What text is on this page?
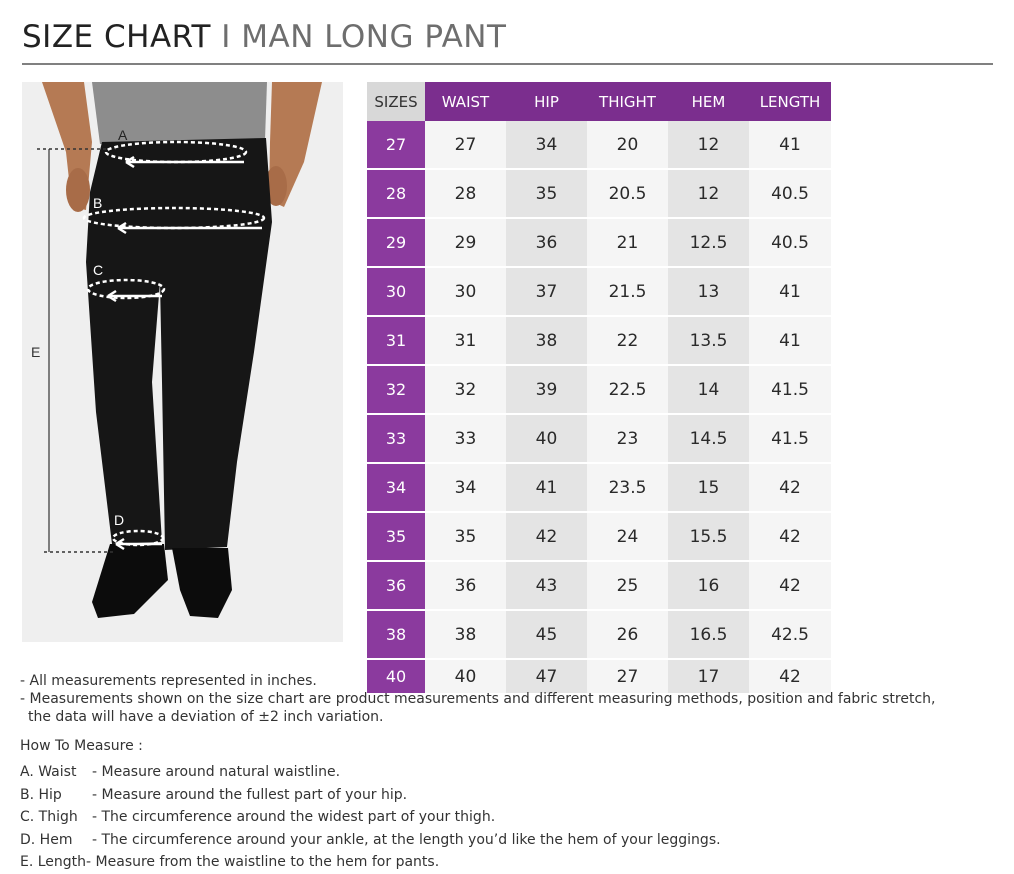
SIZE CHART I MAN LONG PANT
A
B
C
D
E
SIZES	WAIST	HIP	THIGHT	HEM	LENGTH
27	27	34	20	12	41
28	28	35	20.5	12	40.5
29	29	36	21	12.5	40.5
30	30	37	21.5	13	41
31	31	38	22	13.5	41
32	32	39	22.5	14	41.5
33	33	40	23	14.5	41.5
34	34	41	23.5	15	42
35	35	42	24	15.5	42
36	36	43	25	16	42
38	38	45	26	16.5	42.5
40	40	47	27	17	42

- All measurements represented in inches.

- Measurements shown on the size chart are product measurements and different measuring methods, position and fabric stretch,

the data will have a deviation of ±2 inch variation.

How To Measure :
A. Waist - Measure around natural waistline.
B. Hip - Measure around the fullest part of your hip.
C. Thigh - The circumference around the widest part of your thigh.
D. Hem - The circumference around your ankle, at the length you’d like the hem of your leggings.
E. Length- Measure from the waistline to the hem for pants.
